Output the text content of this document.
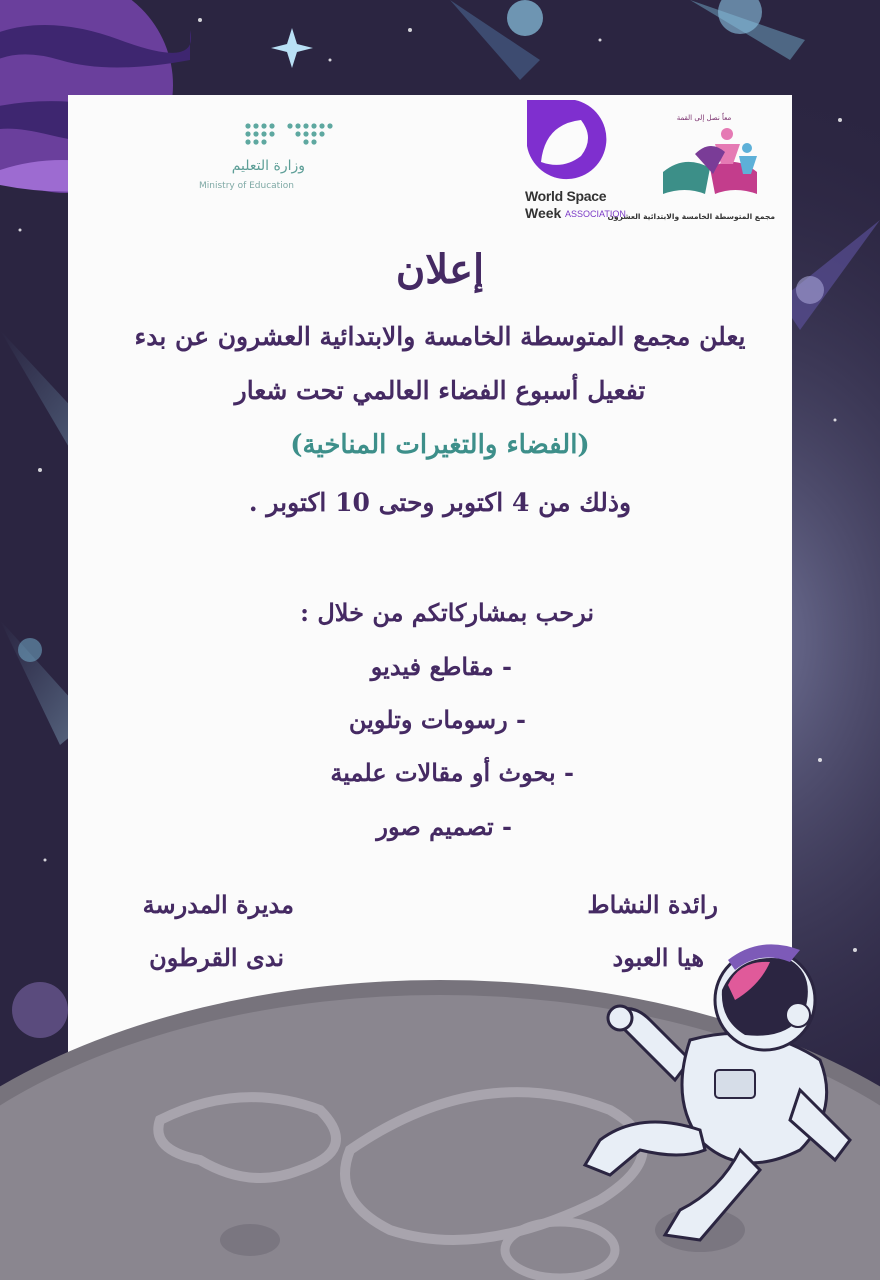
وزارة التعليم
Ministry of Education
World Space
Week ASSOCIATION
معاً نصل إلى القمة
مجمع المتوسطة الخامسة والابتدائية العشرون
إعلان
يعلن مجمع المتوسطة الخامسة والابتدائية العشرون عن بدء
تفعيل أسبوع الفضاء العالمي تحت شعار
(الفضاء والتغيرات المناخية)
وذلك من 4 اكتوبر وحتى 10 اكتوبر .
نرحب بمشاركاتكم من خلال :
- مقاطع فيديو
- رسومات وتلوين
- بحوث أو مقالات علمية
- تصميم صور
رائدة النشاط
هيا العبود
مديرة المدرسة
ندى القرطون
